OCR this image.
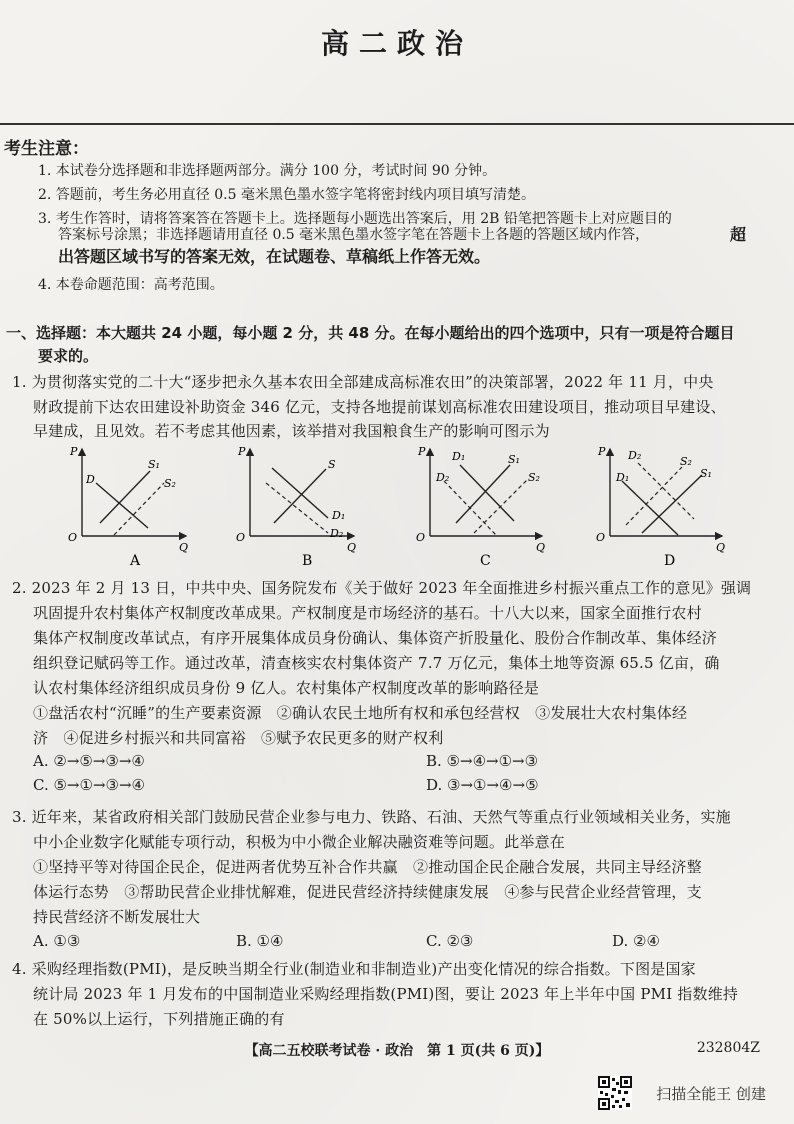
高二政治
考生注意：
1. 本试卷分选择题和非选择题两部分。满分 100 分，考试时间 90 分钟。
2. 答题前，考生务必用直径 0.5 毫米黑色墨水签字笔将密封线内项目填写清楚。
3. 考生作答时，请将答案答在答题卡上。选择题每小题选出答案后，用 2B 铅笔把答题卡上对应题目的
答案标号涂黑；非选择题请用直径 0.5 毫米黑色墨水签字笔在答题卡上各题的答题区域内作答，	超
出答题区域书写的答案无效，在试题卷、草稿纸上作答无效。
4. 本卷命题范围：高考范围。
一、选择题：本大题共 24 小题，每小题 2 分，共 48 分。在每小题给出的四个选项中，只有一项是符合题目
要求的。
1. 为贯彻落实党的二十大“逐步把永久基本农田全部建成高标准农田”的决策部署，2022 年 11 月，中央
财政提前下达农田建设补助资金 346 亿元，支持各地提前谋划高标准农田建设项目，推动项目早建设、
早建成，且见效。若不考虑其他因素，该举措对我国粮食生产的影响可图示为
P
Q
O
D
S₁
S₂
A
P
Q
O
S
D₁
D₂
B
P
Q
O
D₁
D₂
S₁
S₂
C
P
Q
O
D₂
D₁
S₂
S₁
D
2. 2023 年 2 月 13 日，中共中央、国务院发布《关于做好 2023 年全面推进乡村振兴重点工作的意见》强调
巩固提升农村集体产权制度改革成果。产权制度是市场经济的基石。十八大以来，国家全面推行农村
集体产权制度改革试点，有序开展集体成员身份确认、集体资产折股量化、股份合作制改革、集体经济
组织登记赋码等工作。通过改革，清查核实农村集体资产 7.7 万亿元，集体土地等资源 65.5 亿亩，确
认农村集体经济组织成员身份 9 亿人。农村集体产权制度改革的影响路径是
①盘活农村“沉睡”的生产要素资源　②确认农民土地所有权和承包经营权　③发展壮大农村集体经
济　④促进乡村振兴和共同富裕　⑤赋予农民更多的财产权利
A. ②→⑤→③→④	B. ⑤→④→①→③
C. ⑤→①→③→④	D. ③→①→④→⑤
3. 近年来，某省政府相关部门鼓励民营企业参与电力、铁路、石油、天然气等重点行业领域相关业务，实施
中小企业数字化赋能专项行动，积极为中小微企业解决融资难等问题。此举意在
①坚持平等对待国企民企，促进两者优势互补合作共赢　②推动国企民企融合发展，共同主导经济整
体运行态势　③帮助民营企业排忧解难，促进民营经济持续健康发展　④参与民营企业经营管理，支
持民营经济不断发展壮大
A. ①③	B. ①④	C. ②③	D. ②④
4. 采购经理指数(PMI)，是反映当期全行业(制造业和非制造业)产出变化情况的综合指数。下图是国家
统计局 2023 年 1 月发布的中国制造业采购经理指数(PMI)图，要让 2023 年上半年中国 PMI 指数维持
在 50%以上运行，下列措施正确的有
【高二五校联考试卷 · 政治　第 1 页(共 6 页)】	232804Z
扫描全能王 创建
